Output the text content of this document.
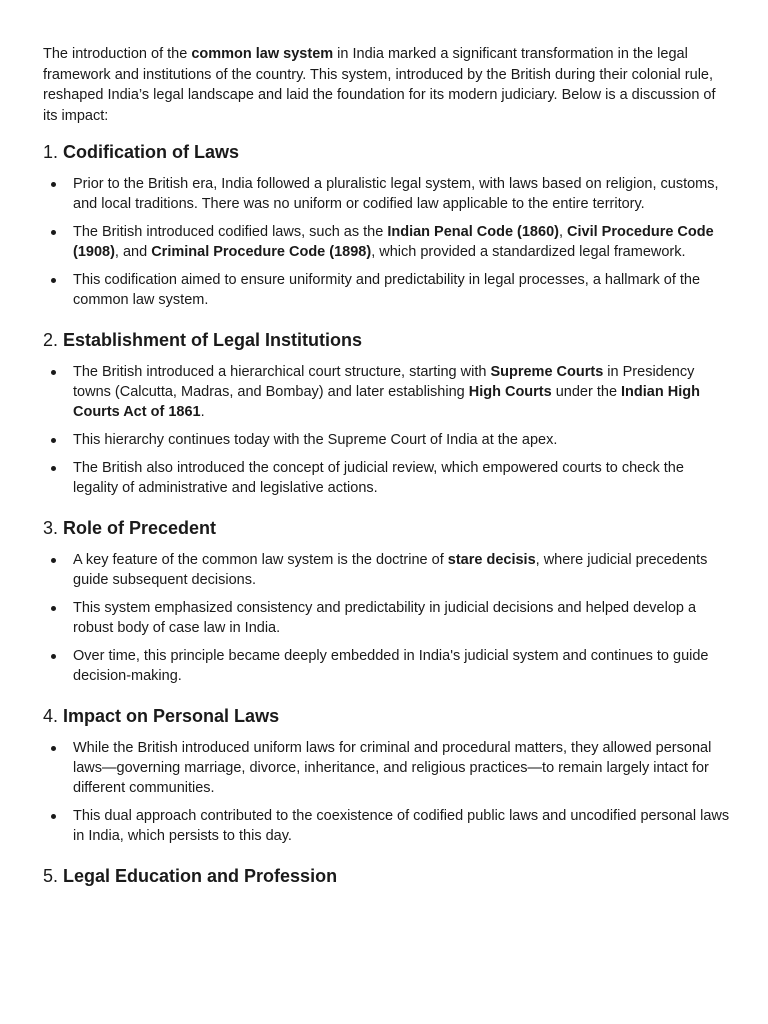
The introduction of the common law system in India marked a significant transformation in the legal framework and institutions of the country. This system, introduced by the British during their colonial rule, reshaped India’s legal landscape and laid the foundation for its modern judiciary. Below is a discussion of its impact:

1. Codification of Laws
Prior to the British era, India followed a pluralistic legal system, with laws based on religion, customs, and local traditions. There was no uniform or codified law applicable to the entire territory.
The British introduced codified laws, such as the Indian Penal Code (1860), Civil Procedure Code (1908), and Criminal Procedure Code (1898), which provided a standardized legal framework.
This codification aimed to ensure uniformity and predictability in legal processes, a hallmark of the common law system.
2. Establishment of Legal Institutions
The British introduced a hierarchical court structure, starting with Supreme Courts in Presidency towns (Calcutta, Madras, and Bombay) and later establishing High Courts under the Indian High Courts Act of 1861.
This hierarchy continues today with the Supreme Court of India at the apex.
The British also introduced the concept of judicial review, which empowered courts to check the legality of administrative and legislative actions.
3. Role of Precedent
A key feature of the common law system is the doctrine of stare decisis, where judicial precedents guide subsequent decisions.
This system emphasized consistency and predictability in judicial decisions and helped develop a robust body of case law in India.
Over time, this principle became deeply embedded in India's judicial system and continues to guide decision-making.
4. Impact on Personal Laws
While the British introduced uniform laws for criminal and procedural matters, they allowed personal laws—governing marriage, divorce, inheritance, and religious practices—to remain largely intact for different communities.
This dual approach contributed to the coexistence of codified public laws and uncodified personal laws in India, which persists to this day.
5. Legal Education and Profession
